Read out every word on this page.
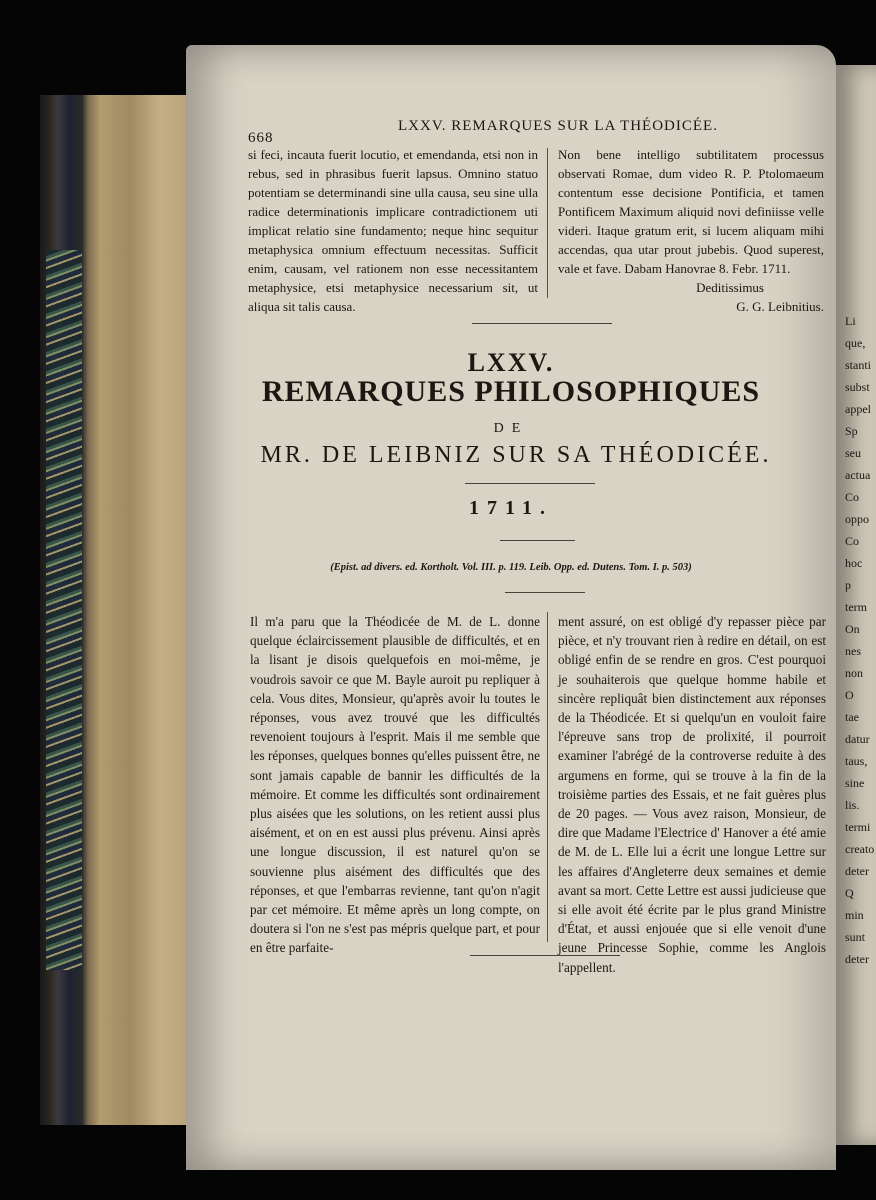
668
LXXV. REMARQUES SUR LA THÉODICÉE.
si feci, incauta fuerit locutio, et emendanda, etsi non in rebus, sed in phrasibus fuerit lapsus. Omnino statuo potentiam se determinandi sine ulla causa, seu sine ulla radice determinationis implicare contradictionem uti implicat relatio sine fundamento; neque hinc sequitur metaphysica omnium effectuum necessitas. Sufficit enim, causam, vel rationem non esse necessitantem metaphysice, etsi metaphysice necessarium sit, ut aliqua sit talis causa.
Non bene intelligo subtilitatem processus observati Romae, dum video R. P. Ptolomaeum contentum esse decisione Pontificia, et tamen Pontificem Maximum aliquid novi definiisse velle videri. Itaque gratum erit, si lucem aliquam mihi accendas, qua utar prout jubebis. Quod superest, vale et fave. Dabam Hanovrae 8. Febr. 1711.
Deditissimus
G. G. Leibnitius.
LXXV.
REMARQUES PHILOSOPHIQUES
DE
MR. DE LEIBNIZ SUR SA THÉODICÉE.
1711.
(Epist. ad divers. ed. Kortholt. Vol. III. p. 119. Leib. Opp. ed. Dutens. Tom. I. p. 503)
Il m'a paru que la Théodicée de M. de L. donne quelque éclaircissement plausible de difficultés, et en la lisant je disois quelquefois en moi-même, je voudrois savoir ce que M. Bayle auroit pu repliquer à cela. Vous dites, Monsieur, qu'après avoir lu toutes le réponses, vous avez trouvé que les difficultés revenoient toujours à l'esprit. Mais il me semble que les réponses, quelques bonnes qu'elles puissent être, ne sont jamais capable de bannir les difficultés de la mémoire. Et comme les difficultés sont ordinairement plus aisées que les solutions, on les retient aussi plus aisément, et on en est aussi plus prévenu. Ainsi après une longue discussion, il est naturel qu'on se souvienne plus aisément des difficultés que des réponses, et que l'embarras revienne, tant qu'on n'agit par cet mémoire. Et même après un long compte, on doutera si l'on ne s'est pas mépris quelque part, et pour en être parfaite-
ment assuré, on est obligé d'y repasser pièce par pièce, et n'y trouvant rien à redire en détail, on est obligé enfin de se rendre en gros. C'est pourquoi je souhaiterois que quelque homme habile et sincère repliquât bien distinctement aux réponses de la Théodicée. Et si quelqu'un en vouloit faire l'épreuve sans trop de prolixité, il pourroit examiner l'abrégé de la controverse reduite à des argumens en forme, qui se trouve à la fin de la troisième parties des Essais, et ne fait guères plus de 20 pages. — Vous avez raison, Monsieur, de dire que Madame l'Electrice d' Hanover a été amie de M. de L. Elle lui a écrit une longue Lettre sur les affaires d'Angleterre deux semaines et demie avant sa mort. Cette Lettre est aussi judicieuse que si elle avoit été écrite par le plus grand Ministre d'État, et aussi enjouée que si elle venoit d'une jeune Princesse Sophie, comme les Anglois l'appellent.
Li que, stanti subst appel Sp seu actua Co oppo Co hoc p term On nes non O tae datur taus, sine lis. termi creato deter Q min sunt deter
